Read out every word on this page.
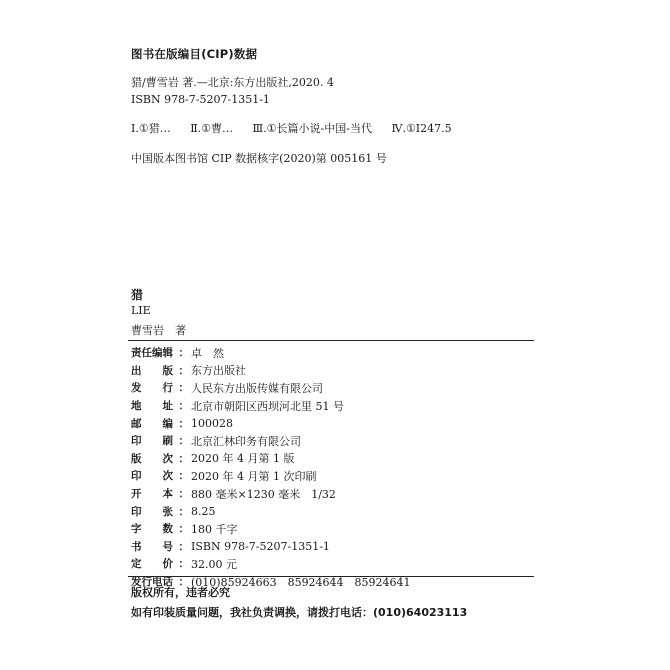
图书在版编目(CIP)数据
猎/曹雪岩 著.—北京:东方出版社,2020. 4
ISBN 978-7-5207-1351-1
Ⅰ.①猎… Ⅱ.①曹… Ⅲ.①长篇小说-中国-当代 Ⅳ.①I247.5
中国版本图书馆 CIP 数据核字(2020)第 005161 号
猎
LIE
曹雪岩　著
责任编辑 ： 卓　然
出　　版 ： 东方出版社
发　　行 ： 人民东方出版传媒有限公司
地　　址 ： 北京市朝阳区西坝河北里 51 号
邮　　编 ： 100028
印　　刷 ： 北京汇林印务有限公司
版　　次 ： 2020 年 4 月第 1 版
印　　次 ： 2020 年 4 月第 1 次印刷
开　　本 ： 880 毫米×1230 毫米　1/32
印　　张 ： 8.25
字　　数 ： 180 千字
书　　号 ： ISBN 978-7-5207-1351-1
定　　价 ： 32.00 元
发行电话 ： (010)85924663　85924644　85924641
版权所有，违者必究
如有印装质量问题，我社负责调换，请拨打电话：(010)64023113
